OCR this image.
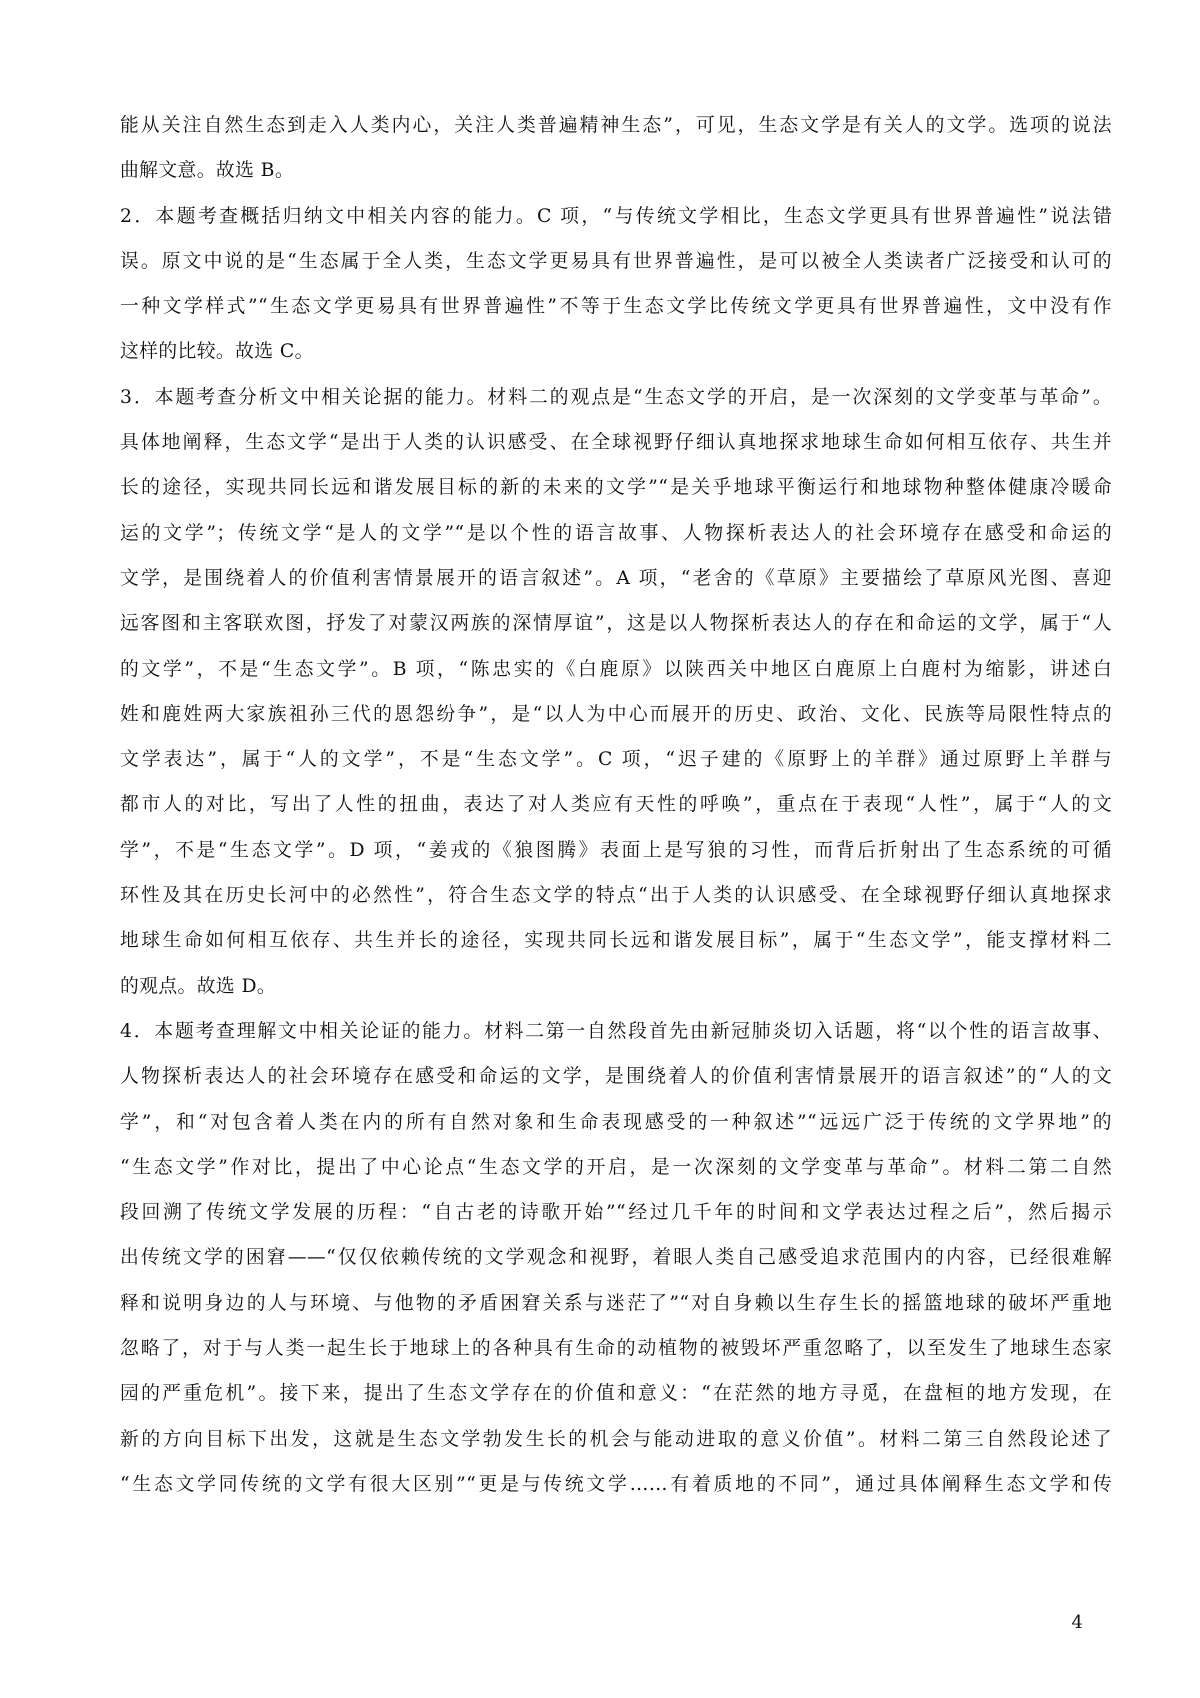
能从关注自然生态到走入人类内心，关注人类普遍精神生态”，可见，生态文学是有关人的文学。选项的说法
曲解文意。故选 B。
2．本题考查概括归纳文中相关内容的能力。C 项，“与传统文学相比，生态文学更具有世界普遍性”说法错
误。原文中说的是“生态属于全人类，生态文学更易具有世界普遍性，是可以被全人类读者广泛接受和认可的
一种文学样式”“生态文学更易具有世界普遍性”不等于生态文学比传统文学更具有世界普遍性，文中没有作
这样的比较。故选 C。
3．本题考查分析文中相关论据的能力。材料二的观点是“生态文学的开启，是一次深刻的文学变革与革命”。
具体地阐释，生态文学“是出于人类的认识感受、在全球视野仔细认真地探求地球生命如何相互依存、共生并
长的途径，实现共同长远和谐发展目标的新的未来的文学”“是关乎地球平衡运行和地球物种整体健康冷暖命
运的文学”；传统文学“是人的文学”“是以个性的语言故事、人物探析表达人的社会环境存在感受和命运的
文学，是围绕着人的价值利害情景展开的语言叙述”。A 项，“老舍的《草原》主要描绘了草原风光图、喜迎
远客图和主客联欢图，抒发了对蒙汉两族的深情厚谊”，这是以人物探析表达人的存在和命运的文学，属于“人
的文学”，不是“生态文学”。B 项，“陈忠实的《白鹿原》以陕西关中地区白鹿原上白鹿村为缩影，讲述白
姓和鹿姓两大家族祖孙三代的恩怨纷争”，是“以人为中心而展开的历史、政治、文化、民族等局限性特点的
文学表达”，属于“人的文学”，不是“生态文学”。C 项，“迟子建的《原野上的羊群》通过原野上羊群与
都市人的对比，写出了人性的扭曲，表达了对人类应有天性的呼唤”，重点在于表现“人性”，属于“人的文
学”，不是“生态文学”。D 项，“姜戎的《狼图腾》表面上是写狼的习性，而背后折射出了生态系统的可循
环性及其在历史长河中的必然性”，符合生态文学的特点“出于人类的认识感受、在全球视野仔细认真地探求
地球生命如何相互依存、共生并长的途径，实现共同长远和谐发展目标”，属于“生态文学”，能支撑材料二
的观点。故选 D。
4．本题考查理解文中相关论证的能力。材料二第一自然段首先由新冠肺炎切入话题，将“以个性的语言故事、
人物探析表达人的社会环境存在感受和命运的文学，是围绕着人的价值利害情景展开的语言叙述”的“人的文
学”，和“对包含着人类在内的所有自然对象和生命表现感受的一种叙述”“远远广泛于传统的文学界地”的
“生态文学”作对比，提出了中心论点“生态文学的开启，是一次深刻的文学变革与革命”。材料二第二自然
段回溯了传统文学发展的历程：“自古老的诗歌开始”“经过几千年的时间和文学表达过程之后”，然后揭示
出传统文学的困窘——“仅仅依赖传统的文学观念和视野，着眼人类自己感受追求范围内的内容，已经很难解
释和说明身边的人与环境、与他物的矛盾困窘关系与迷茫了”“对自身赖以生存生长的摇篮地球的破坏严重地
忽略了，对于与人类一起生长于地球上的各种具有生命的动植物的被毁坏严重忽略了，以至发生了地球生态家
园的严重危机”。接下来，提出了生态文学存在的价值和意义：“在茫然的地方寻觅，在盘桓的地方发现，在
新的方向目标下出发，这就是生态文学勃发生长的机会与能动进取的意义价值”。材料二第三自然段论述了
“生态文学同传统的文学有很大区别”“更是与传统文学……有着质地的不同”，通过具体阐释生态文学和传
4
